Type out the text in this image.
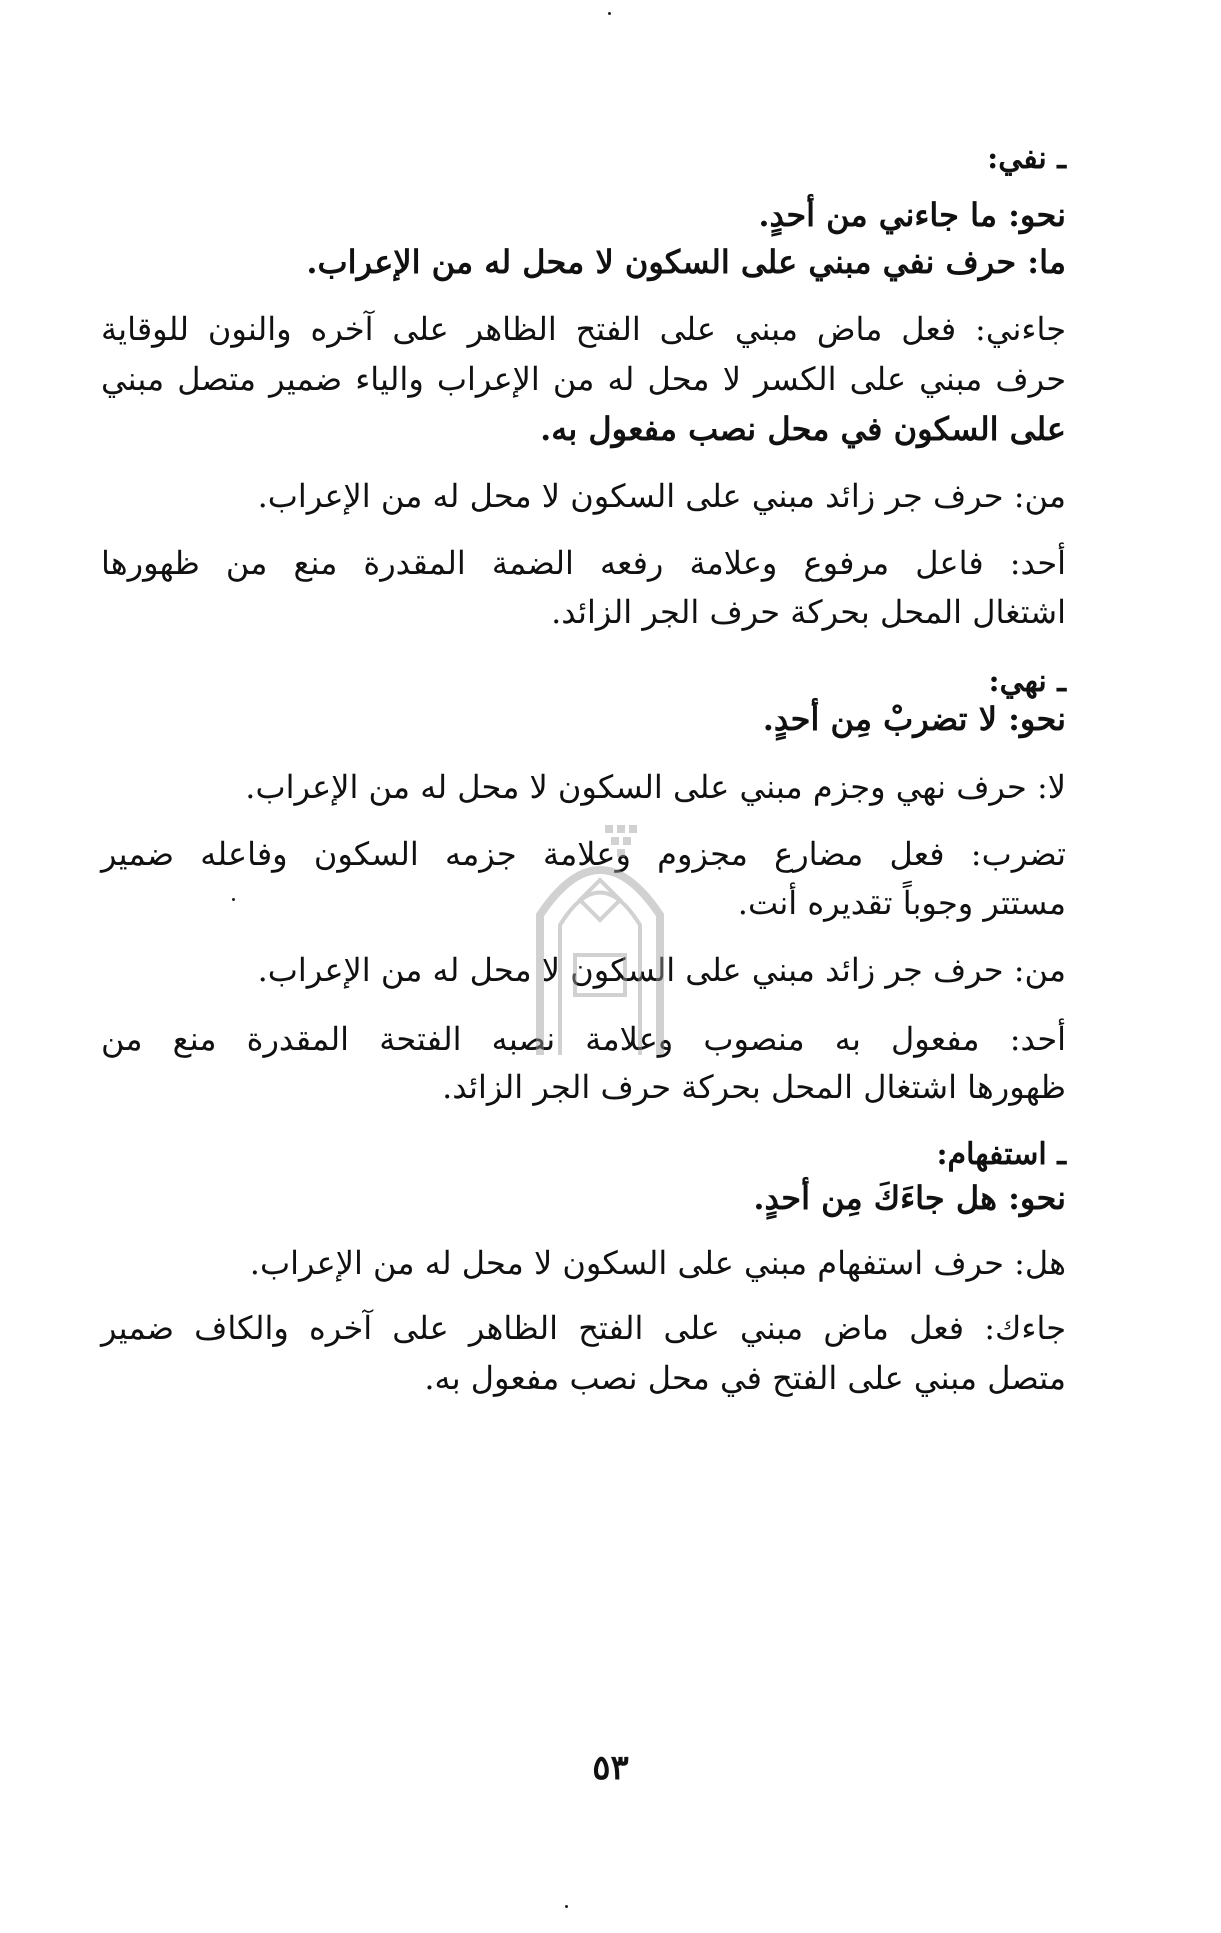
ـ نفي:
نحو: ما جاءني من أحدٍ.
ما: حرف نفي مبني على السكون لا محل له من الإعراب.
جاءني: فعل ماض مبني على الفتح الظاهر على آخره والنون للوقاية
حرف مبني على الكسر لا محل له من الإعراب والياء ضمير متصل مبني
على السكون في محل نصب مفعول به.
من: حرف جر زائد مبني على السكون لا محل له من الإعراب.
أحد: فاعل مرفوع وعلامة رفعه الضمة المقدرة منع من ظهورها
اشتغال المحل بحركة حرف الجر الزائد.
ـ نهي:
نحو: لا تضربْ مِن أحدٍ.
لا: حرف نهي وجزم مبني على السكون لا محل له من الإعراب.
تضرب: فعل مضارع مجزوم وعلامة جزمه السكون وفاعله ضمير
مستتر وجوباً تقديره أنت.
من: حرف جر زائد مبني على السكون لا محل له من الإعراب.
أحد: مفعول به منصوب وعلامة نصبه الفتحة المقدرة منع من
ظهورها اشتغال المحل بحركة حرف الجر الزائد.
ـ استفهام:
نحو: هل جاءَكَ مِن أحدٍ.
هل: حرف استفهام مبني على السكون لا محل له من الإعراب.
جاءك: فعل ماض مبني على الفتح الظاهر على آخره والكاف ضمير
متصل مبني على الفتح في محل نصب مفعول به.
٥٣
